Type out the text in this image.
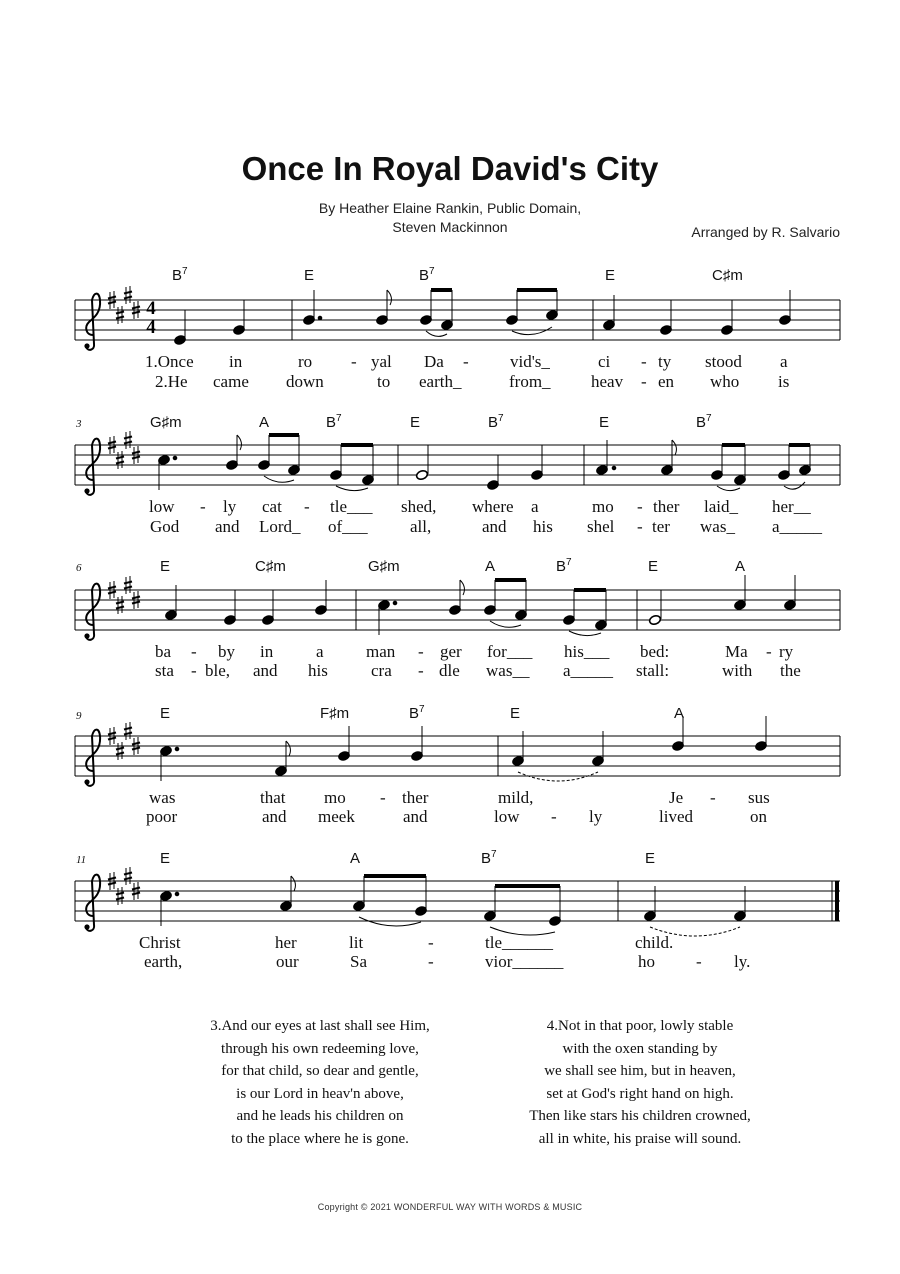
Once In Royal David's City
By Heather Elaine Rankin, Public Domain,
Steven Mackinnon	Arranged by R. Salvario
4
4
$B^7$	E	$B^7$	E	C♯m
1.Once in	ro - yal Da - vid's_	ci - ty stood a
2.He came down	to earth_	from_ heav - en who is
3	G♯m	A	$B^7$	E	$B^7$	E	$B^7$
low - ly cat - tle___ shed, where a	mo - ther laid_ her__
God and Lord_ of___ all,	and his shel - ter was_ a_____
6	E	C♯m	G♯m	A	$B^7$	E	A
ba - by in	a man - ger for___ his___ bed:	Ma - ry
sta - ble, and his	cra - dle was__ a_____ stall:	with the
9	E	F♯m	$B^7$	E	A
was	that mo - ther	mild,	Je - sus
poor	and meek	and	low - ly	lived	on
11	E	A	$B^7$	E
Christ	her	lit	-	tle______	child.
earth,	our	Sa	-	vior______	ho - ly.
3.And our eyes at last shall see Him,
through his own redeeming love,
for that child, so dear and gentle,
is our Lord in heav'n above,
and he leads his children on
to the place where he is gone.
4.Not in that poor, lowly stable
with the oxen standing by
we shall see him, but in heaven,
set at God's right hand on high.
Then like stars his children crowned,
all in white, his praise will sound.
Copyright © 2021 WONDERFUL WAY WITH WORDS & MUSIC
